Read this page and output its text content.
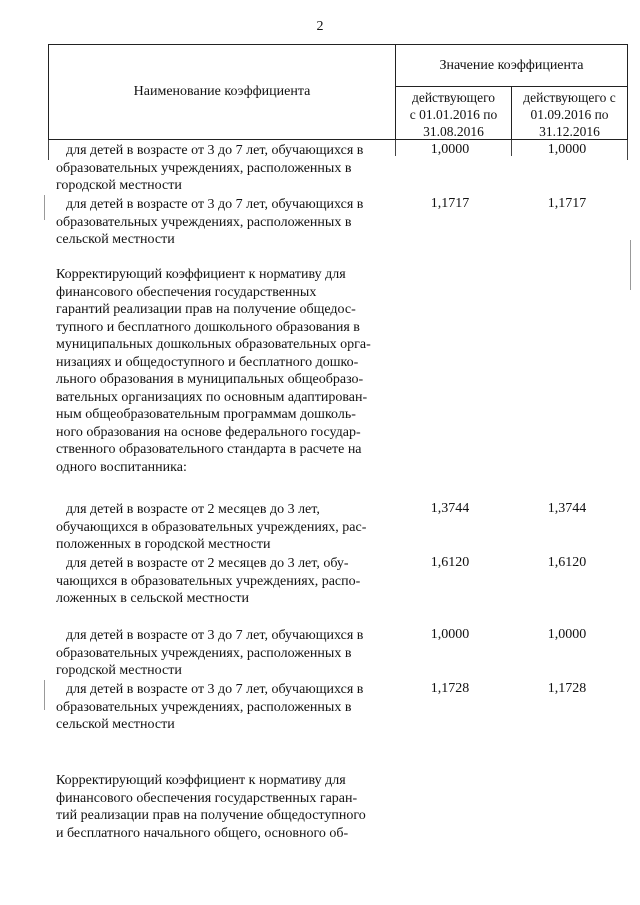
2
Наименование коэффициента
Значение коэффициента
действующего
с 01.01.2016 по
31.08.2016
действующего с
01.09.2016 по
31.12.2016

для детей в возрасте от 3 до 7 лет, обучающихся в

образовательных учреждениях, расположенных в

городской местности

1,0000	1,0000

для детей в возрасте от 3 до 7 лет, обучающихся в

образовательных учреждениях, расположенных в

сельской местности

1,1717	1,1717

Корректирующий коэффициент к нормативу для

финансового обеспечения государственных

гарантий реализации прав на получение общедос-

тупного и бесплатного дошкольного образования в

муниципальных дошкольных образовательных орга-

низациях и общедоступного и бесплатного дошко-

льного образования в муниципальных общеобразо-

вательных организациях по основным адаптирован-

ным общеобразовательным программам дошколь-

ного образования на основе федерального государ-

ственного образовательного стандарта в расчете на

одного воспитанника:

для детей в возрасте от 2 месяцев до 3 лет,

обучающихся в образовательных учреждениях, рас-

положенных в городской местности

1,3744	1,3744

для детей в возрасте от 2 месяцев до 3 лет, обу-

чающихся в образовательных учреждениях, распо-

ложенных в сельской местности

1,6120	1,6120

для детей в возрасте от 3 до 7 лет, обучающихся в

образовательных учреждениях, расположенных в

городской местности

1,0000	1,0000

для детей в возрасте от 3 до 7 лет, обучающихся в

образовательных учреждениях, расположенных в

сельской местности

1,1728	1,1728

Корректирующий коэффициент к нормативу для

финансового обеспечения государственных гаран-

тий реализации прав на получение общедоступного

и бесплатного начального общего, основного об-
